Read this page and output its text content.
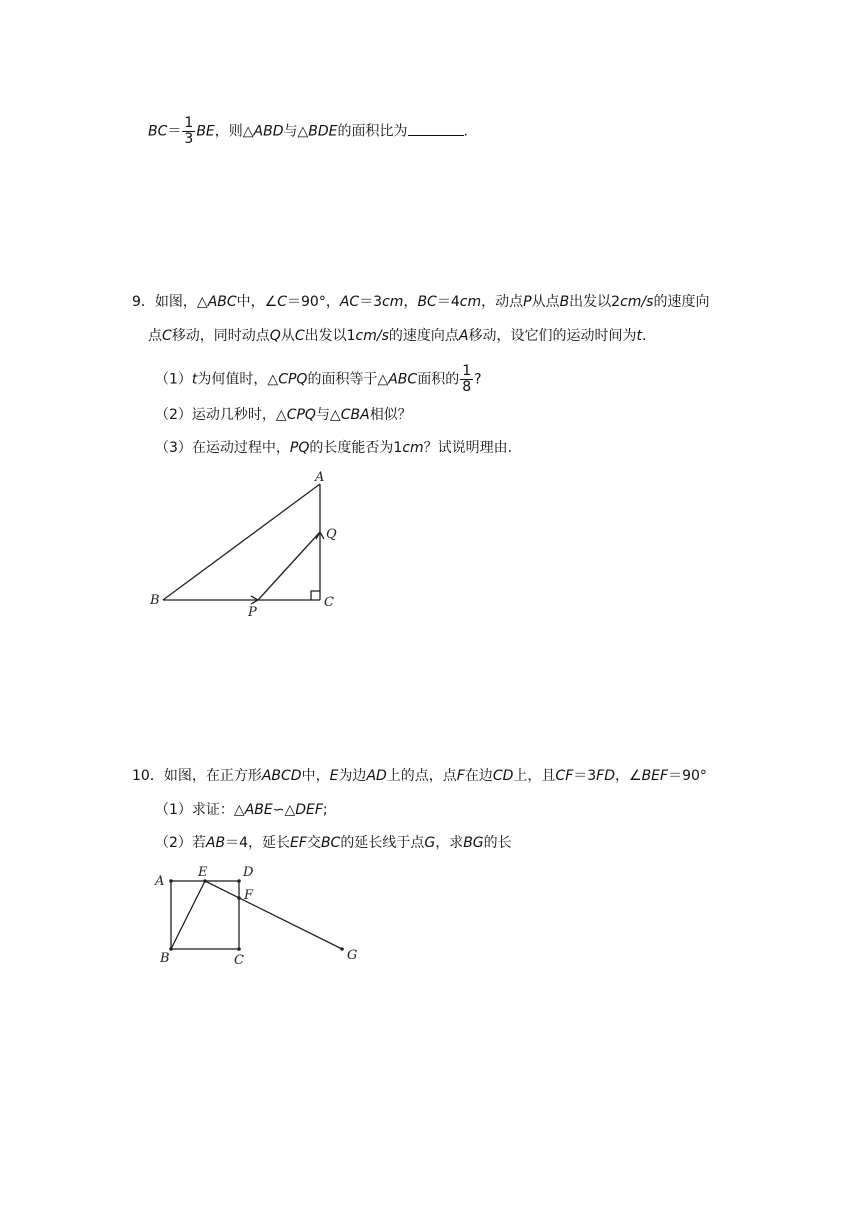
$BC= \frac{1}{3}$ BE，则△ABD与△BDE的面积比为	.
9．如图，△ABC中，∠C＝90°，AC＝3cm，BC＝4cm，动点P从点B出发以2cm/s的速度向
点C移动，同时动点Q从C出发以1cm/s的速度向点A移动，设它们的运动时间为t.
（1）t为何值时，△CPQ的面积等于△ABC面积的 $\frac{1}{8}$ ?
（2）运动几秒时，△CPQ与△CBA相似？
（3）在运动过程中，PQ的长度能否为1cm？试说明理由.
A
Q
B
P
C
10．如图，在正方形ABCD中，E为边AD上的点，点F在边CD上，且CF＝3FD，∠BEF＝90°
（1）求证：△ABE∽△DEF;
（2）若AB＝4，延长EF交BC的延长线于点G，求BG的长
A
E	D
F
B	C	G
